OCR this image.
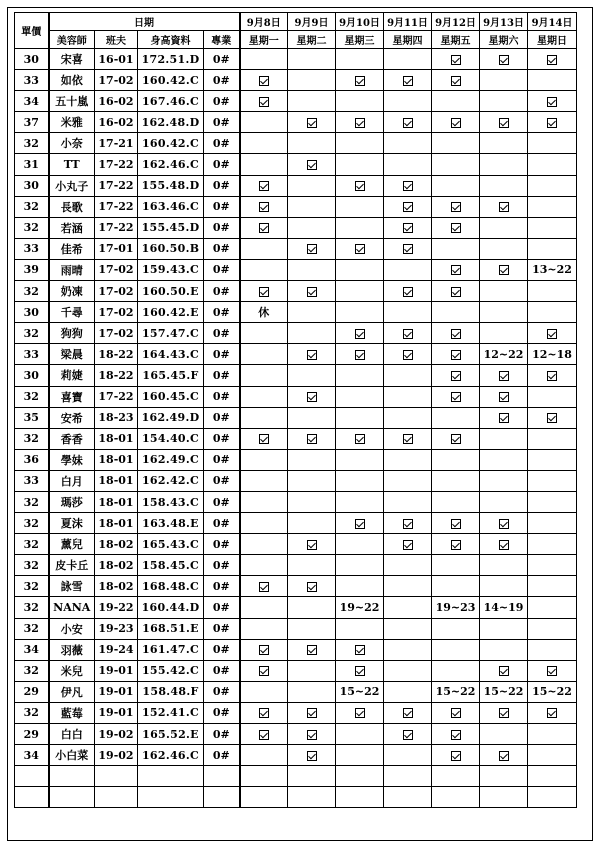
單價	日期				9月8日	9月9日	9月10日	9月11日	9月12日	9月13日	9月14日
	美容師	班夫	身高資料	專業	星期一	星期二	星期三	星期四	星期五	星期六	星期日
30	宋喜	16-01	172.51.D	0#							
33	如依	17-02	160.42.C	0#							
34	五十嵐	16-02	167.46.C	0#							
37	米雅	16-02	162.48.D	0#							
32	小奈	17-21	160.42.C	0#							
31	TT	17-22	162.46.C	0#							
30	小丸子	17-22	155.48.D	0#							
32	長歌	17-22	163.46.C	0#							
32	若涵	17-22	155.45.D	0#							
33	佳希	17-01	160.50.B	0#							
39	雨晴	17-02	159.43.C	0#							13~22
32	奶凍	17-02	160.50.E	0#							
30	千尋	17-02	160.42.E	0#	休						
32	狗狗	17-02	157.47.C	0#							
33	梁晨	18-22	164.43.C	0#						12~22	12~18
30	莉婕	18-22	165.45.F	0#							
32	喜寶	17-22	160.45.C	0#							
35	安希	18-23	162.49.D	0#							
32	香香	18-01	154.40.C	0#							
36	學妹	18-01	162.49.C	0#							
33	白月	18-01	162.42.C	0#							
32	瑪莎	18-01	158.43.C	0#							
32	夏沫	18-01	163.48.E	0#							
32	薰兒	18-02	165.43.C	0#							
32	皮卡丘	18-02	158.45.C	0#							
32	詠雪	18-02	168.48.C	0#							
32	NANA	19-22	160.44.D	0#			19~22		19~23	14~19	
32	小安	19-23	168.51.E	0#							
34	羽薇	19-24	161.47.C	0#							
32	米兒	19-01	155.42.C	0#							
29	伊凡	19-01	158.48.F	0#			15~22		15~22	15~22	15~22
32	藍莓	19-01	152.41.C	0#							
29	白白	19-02	165.52.E	0#							
34	小白菜	19-02	162.46.C	0#							
